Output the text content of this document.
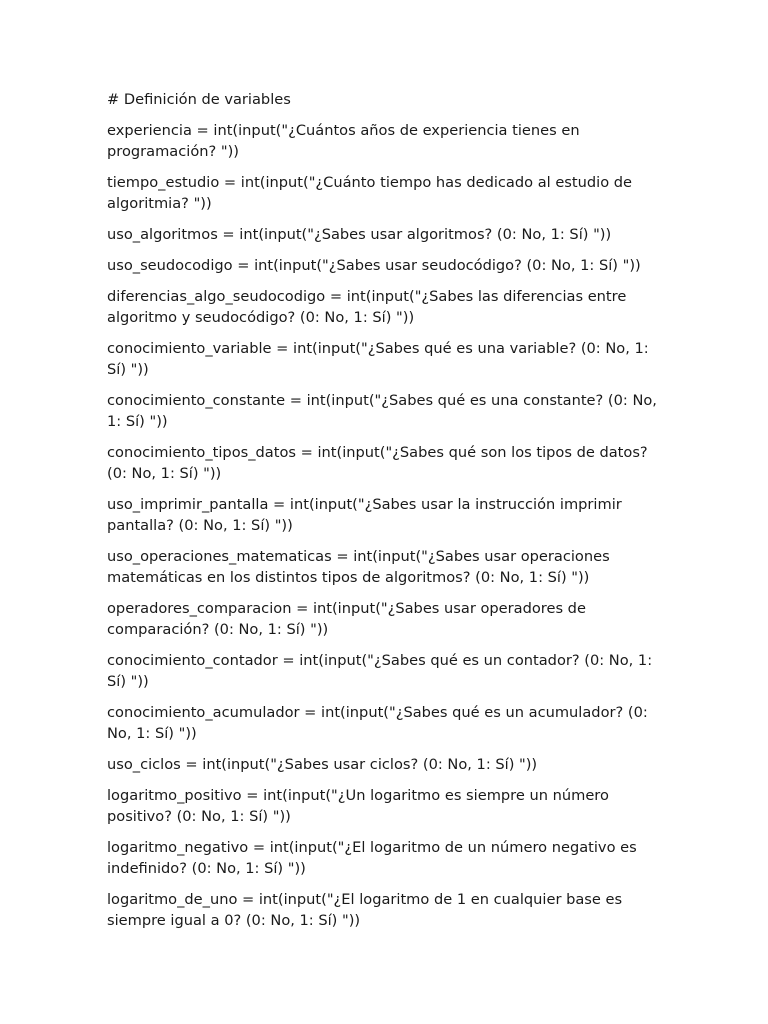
# Definición de variables

experiencia = int(input("¿Cuántos años de experiencia tienes en programación? "))

tiempo_estudio = int(input("¿Cuánto tiempo has dedicado al estudio de algoritmia? "))

uso_algoritmos = int(input("¿Sabes usar algoritmos? (0: No, 1: Sí) "))

uso_seudocodigo = int(input("¿Sabes usar seudocódigo? (0: No, 1: Sí) "))

diferencias_algo_seudocodigo = int(input("¿Sabes las diferencias entre algoritmo y seudocódigo? (0: No, 1: Sí) "))

conocimiento_variable = int(input("¿Sabes qué es una variable? (0: No, 1: Sí) "))

conocimiento_constante = int(input("¿Sabes qué es una constante? (0: No, 1: Sí) "))

conocimiento_tipos_datos = int(input("¿Sabes qué son los tipos de datos? (0: No, 1: Sí) "))

uso_imprimir_pantalla = int(input("¿Sabes usar la instrucción imprimir pantalla? (0: No, 1: Sí) "))

uso_operaciones_matematicas = int(input("¿Sabes usar operaciones matemáticas en los distintos tipos de algoritmos? (0: No, 1: Sí) "))

operadores_comparacion = int(input("¿Sabes usar operadores de comparación? (0: No, 1: Sí) "))

conocimiento_contador = int(input("¿Sabes qué es un contador? (0: No, 1: Sí) "))

conocimiento_acumulador = int(input("¿Sabes qué es un acumulador? (0: No, 1: Sí) "))

uso_ciclos = int(input("¿Sabes usar ciclos? (0: No, 1: Sí) "))

logaritmo_positivo = int(input("¿Un logaritmo es siempre un número positivo? (0: No, 1: Sí) "))

logaritmo_negativo = int(input("¿El logaritmo de un número negativo es indefinido? (0: No, 1: Sí) "))

logaritmo_de_uno = int(input("¿El logaritmo de 1 en cualquier base es siempre igual a 0? (0: No, 1: Sí) "))
